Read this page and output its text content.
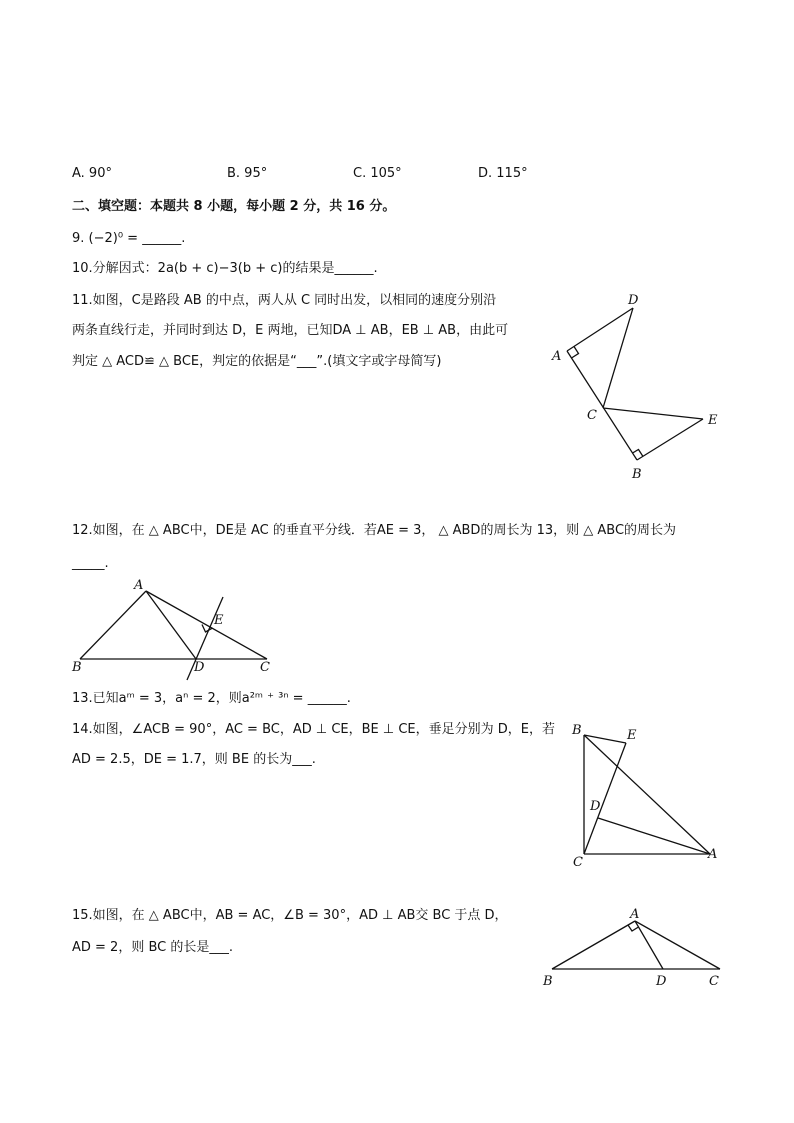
A. 90°	B. 95°	C. 105°	D. 115°
二、填空题：本题共 8 小题，每小题 2 分，共 16 分。
9. (−2)⁰ = ______.
10.分解因式：2a(b + c)−3(b + c)的结果是______.
11.如图，C是路段 AB 的中点，两人从 C 同时出发，以相同的速度分别沿
两条直线行走，并同时到达 D，E 两地，已知DA ⊥ AB，EB ⊥ AB，由此可
判定 △ ACD≌ △ BCE，判定的依据是“___”.(填文字或字母简写)
D
A
C	E
B
12.如图，在 △ ABC中，DE是 AC 的垂直平分线．若AE = 3， △ ABD的周长为 13，则 △ ABC的周长为
_____.
A
E
B	D	C
13.已知aᵐ = 3，aⁿ = 2，则a²ᵐ ⁺ ³ⁿ = ______.
14.如图，∠ACB = 90°，AC = BC，AD ⊥ CE，BE ⊥ CE，垂足分别为 D，E，若
AD = 2.5，DE = 1.7，则 BE 的长为___.
B	E
D
C
A
15.如图，在 △ ABC中，AB = AC，∠B = 30°，AD ⊥ AB交 BC 于点 D，
AD = 2，则 BC 的长是___.
A
B	D	C
